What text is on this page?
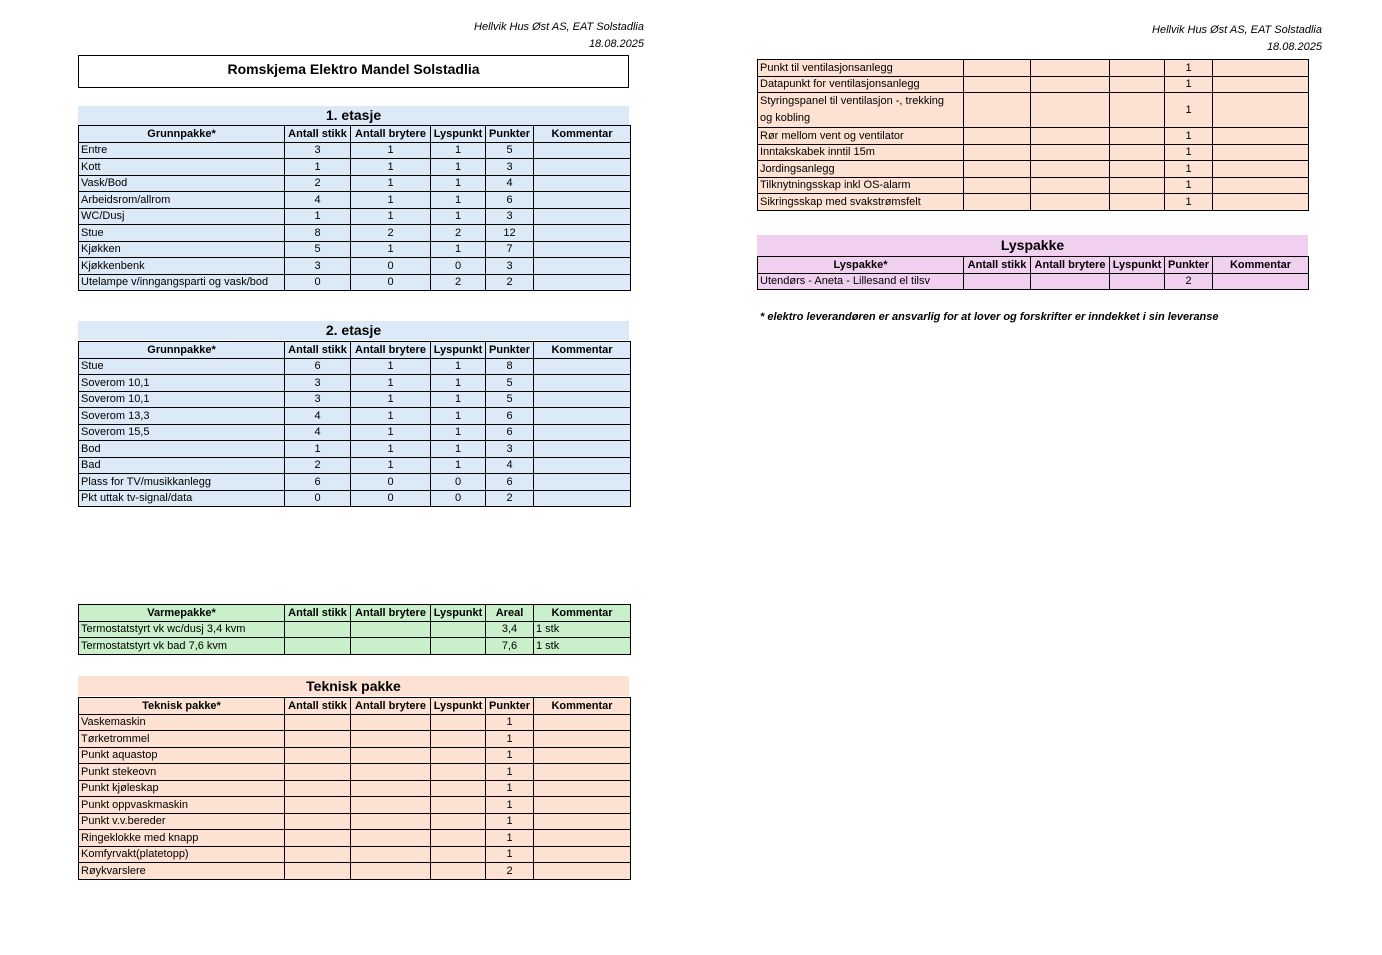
Hellvik Hus Øst AS, EAT Solstadlia
18.08.2025
Hellvik Hus Øst AS, EAT Solstadlia
18.08.2025
Romskjema Elektro Mandel Solstadlia
1. etasje
Grunnpakke*	Antall stikk	Antall brytere	Lyspunkt	Punkter	Kommentar
Entre	3	1	1	5	
Kott	1	1	1	3	
Vask/Bod	2	1	1	4	
Arbeidsrom/allrom	4	1	1	6	
WC/Dusj	1	1	1	3	
Stue	8	2	2	12	
Kjøkken	5	1	1	7	
Kjøkkenbenk	3	0	0	3	
Utelampe v/inngangsparti og vask/bod	0	0	2	2	
2. etasje
Grunnpakke*	Antall stikk	Antall brytere	Lyspunkt	Punkter	Kommentar
Stue	6	1	1	8	
Soverom 10,1	3	1	1	5	
Soverom 10,1	3	1	1	5	
Soverom 13,3	4	1	1	6	
Soverom 15,5	4	1	1	6	
Bod	1	1	1	3	
Bad	2	1	1	4	
Plass for TV/musikkanlegg	6	0	0	6	
Pkt uttak tv-signal/data	0	0	0	2	
Varmepakke*	Antall stikk	Antall brytere	Lyspunkt	Areal	Kommentar
Termostatstyrt vk wc/dusj 3,4 kvm				3,4	1 stk
Termostatstyrt vk bad 7,6 kvm				7,6	1 stk
Teknisk pakke
Teknisk pakke*	Antall stikk	Antall brytere	Lyspunkt	Punkter	Kommentar
Vaskemaskin				1	
Tørketrommel				1	
Punkt aquastop				1	
Punkt stekeovn				1	
Punkt kjøleskap				1	
Punkt oppvaskmaskin				1	
Punkt v.v.bereder				1	
Ringeklokke med knapp				1	
Komfyrvakt(platetopp)				1	
Røykvarslere				2	
Punkt til ventilasjonsanlegg				1	
Datapunkt for ventilasjonsanlegg				1	

Styringspanel til ventilasjon -, trekking
og kobling				1	
Rør mellom vent og ventilator				1	
Inntakskabek inntil 15m				1	
Jordingsanlegg				1	
Tilknytningsskap inkl OS-alarm				1	
Sikringsskap med svakstrømsfelt				1	
Lyspakke
Lyspakke*	Antall stikk	Antall brytere	Lyspunkt	Punkter	Kommentar
Utendørs - Aneta - Lillesand el tilsv				2	
* elektro leverandøren er ansvarlig for at lover og forskrifter er inndekket i sin leveranse
